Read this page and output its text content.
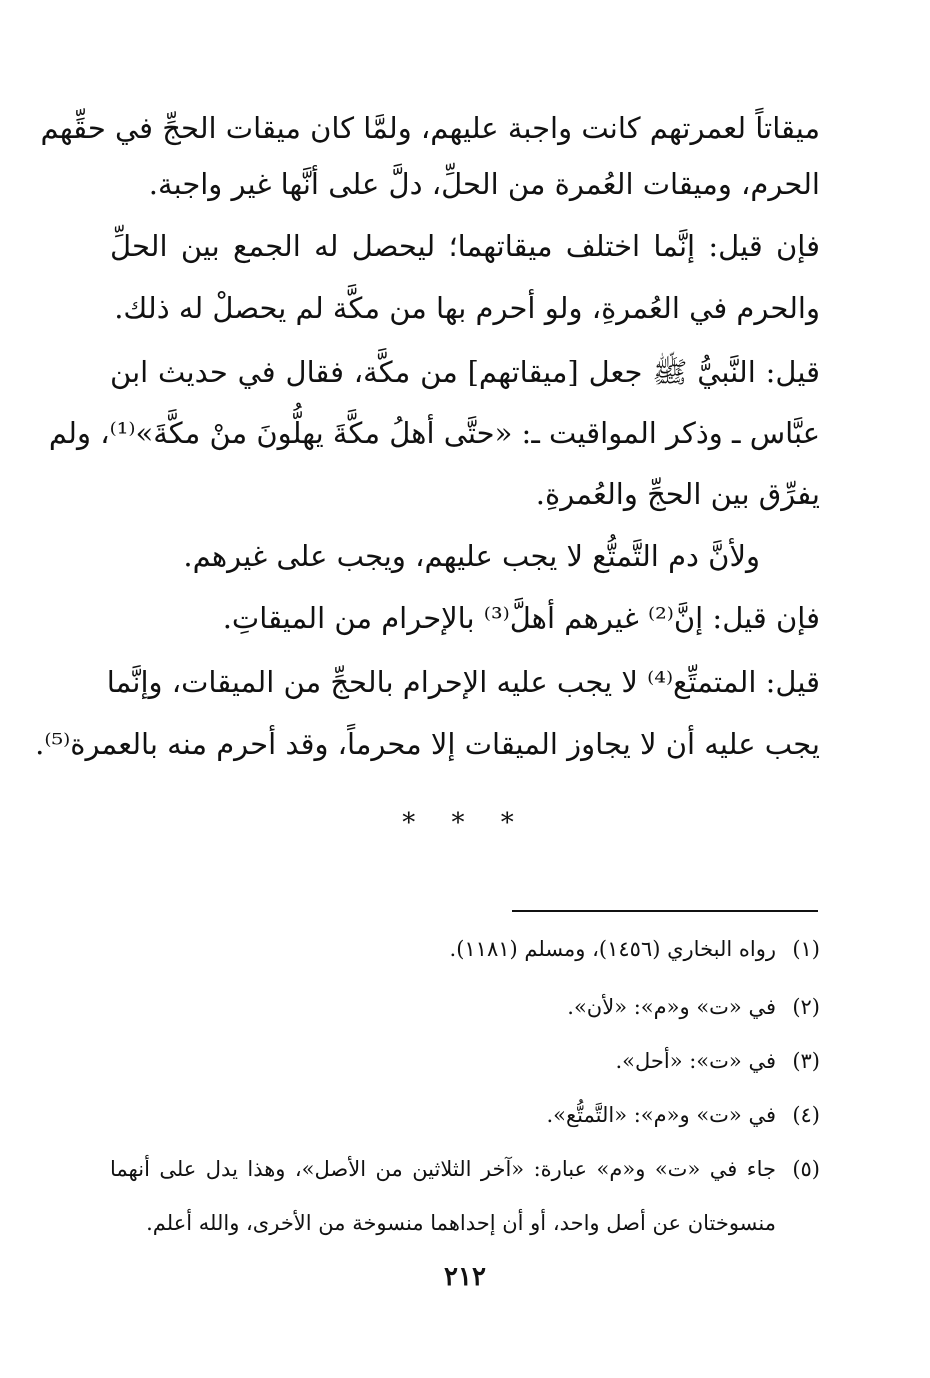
ميقاتاً لعمرتهم كانت واجبة عليهم، ولمَّا كان ميقات الحجِّ في حقِّهم
الحرم، وميقات العُمرة من الحلِّ، دلَّ على أنَّها غير واجبة.
فإن قيل: إنَّما اختلف ميقاتهما؛ ليحصل له الجمع بين الحلِّ
والحرم في العُمرةِ، ولو أحرم بها من مكَّة لم يحصلْ له ذلك.
قيل: النَّبيُّ ﷺ جعل [ميقاتهم] من مكَّة، فقال في حديث ابن
عبَّاس ـ وذكر المواقيت ـ: «حتَّى أهلُ مكَّةَ يهلُّونَ منْ مكَّةَ»⁽¹⁾، ولم
يفرِّق بين الحجِّ والعُمرةِ.
ولأنَّ دم التَّمتُّع لا يجب عليهم، ويجب على غيرهم.
فإن قيل: إنَّ⁽²⁾ غيرهم أهلَّ⁽³⁾ بالإحرام من الميقاتِ.
قيل: المتمتِّع⁽⁴⁾ لا يجب عليه الإحرام بالحجِّ من الميقات، وإنَّما
يجب عليه أن لا يجاوز الميقات إلا محرماً، وقد أحرم منه بالعمرة⁽⁵⁾.
* * *
(١)رواه البخاري (١٤٥٦)، ومسلم (١١٨١).
(٢)في «ت» و«م»: «لأن».
(٣)في «ت»: «أحل».
(٤)في «ت» و«م»: «التَّمتُّع».
(٥)جاء في «ت» و«م» عبارة: «آخر الثلاثين من الأصل»، وهذا يدل على أنهما
منسوختان عن أصل واحد، أو أن إحداهما منسوخة من الأخرى، والله أعلم.
٢١٢
